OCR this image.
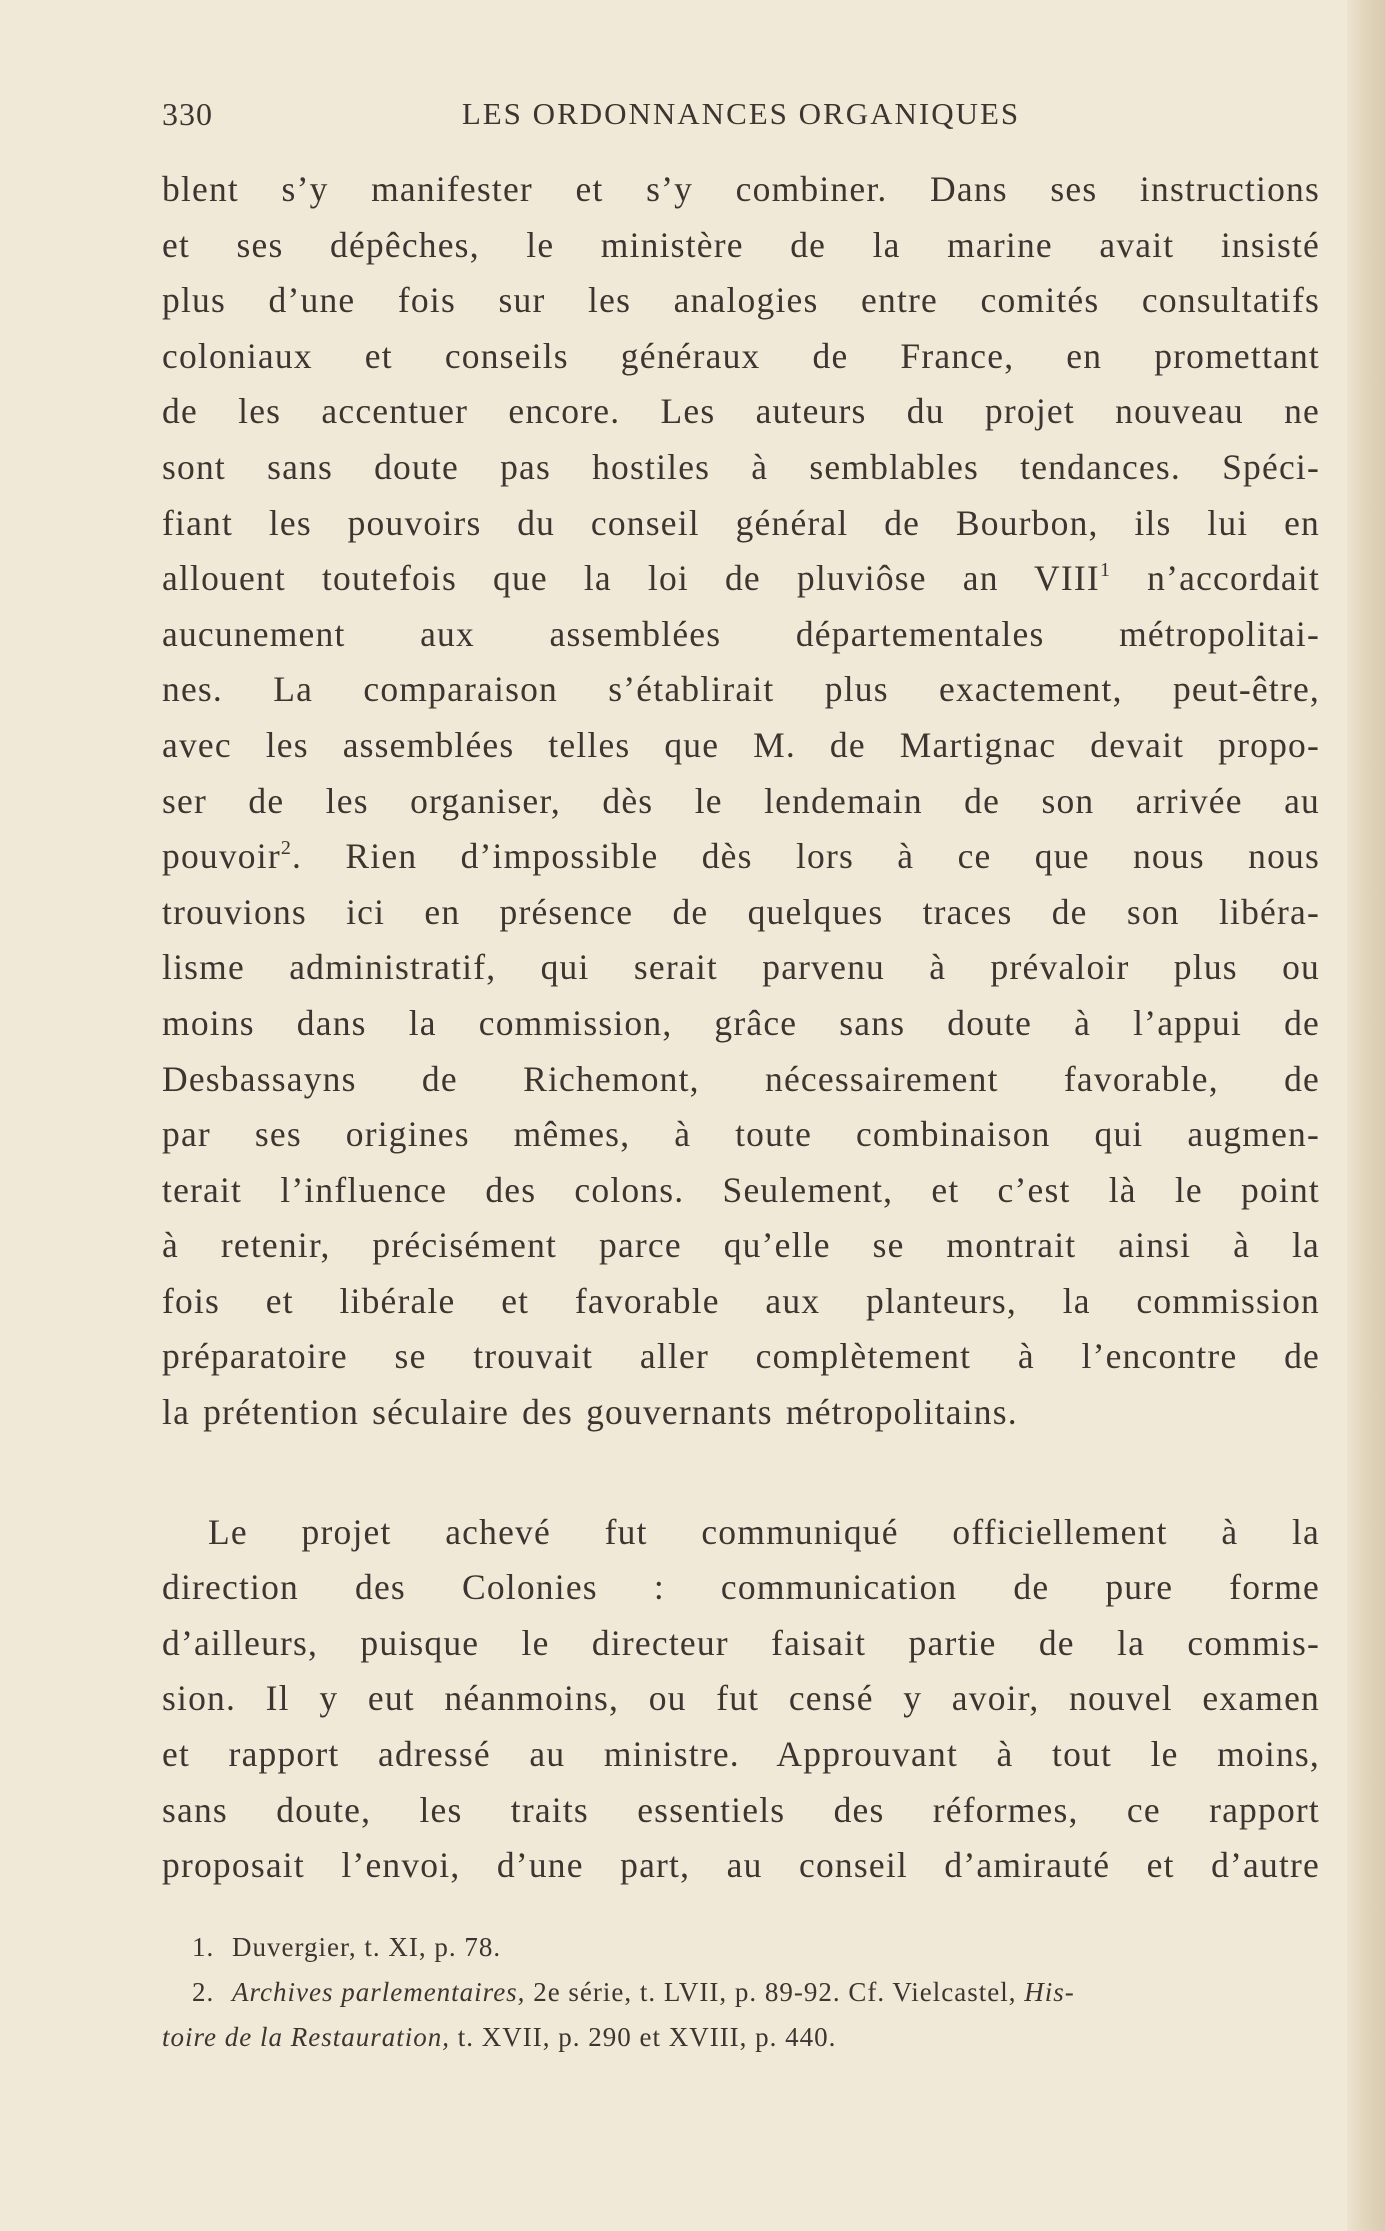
330	LES ORDONNANCES ORGANIQUES
blent s’y manifester et s’y combiner. Dans ses instructions
et ses dépêches, le ministère de la marine avait insisté
plus d’une fois sur les analogies entre comités consultatifs
coloniaux et conseils généraux de France, en promettant
de les accentuer encore. Les auteurs du projet nouveau ne
sont sans doute pas hostiles à semblables tendances. Spéci-
fiant les pouvoirs du conseil général de Bourbon, ils lui en
allouent toutefois que la loi de pluviôse an VIII$^1$ n’accordait
aucunement aux assemblées départementales métropolitai-
nes. La comparaison s’établirait plus exactement, peut-être,
avec les assemblées telles que M. de Martignac devait propo-
ser de les organiser, dès le lendemain de son arrivée au
pouvoir$^2$. Rien d’impossible dès lors à ce que nous nous
trouvions ici en présence de quelques traces de son libéra-
lisme administratif, qui serait parvenu à prévaloir plus ou
moins dans la commission, grâce sans doute à l’appui de
Desbassayns de Richemont, nécessairement favorable, de
par ses origines mêmes, à toute combinaison qui augmen-
terait l’influence des colons. Seulement, et c’est là le point
à retenir, précisément parce qu’elle se montrait ainsi à la
fois et libérale et favorable aux planteurs, la commission
préparatoire se trouvait aller complètement à l’encontre de
la prétention séculaire des gouvernants métropolitains.
Le projet achevé fut communiqué officiellement à la
direction des Colonies : communication de pure forme
d’ailleurs, puisque le directeur faisait partie de la commis-
sion. Il y eut néanmoins, ou fut censé y avoir, nouvel examen
et rapport adressé au ministre. Approuvant à tout le moins,
sans doute, les traits essentiels des réformes, ce rapport
proposait l’envoi, d’une part, au conseil d’amirauté et d’autre
1. Duvergier, t. XI, p. 78.
2. Archives parlementaires, 2e série, t. LVII, p. 89-92. Cf. Vielcastel, His-
toire de la Restauration, t. XVII, p. 290 et XVIII, p. 440.
